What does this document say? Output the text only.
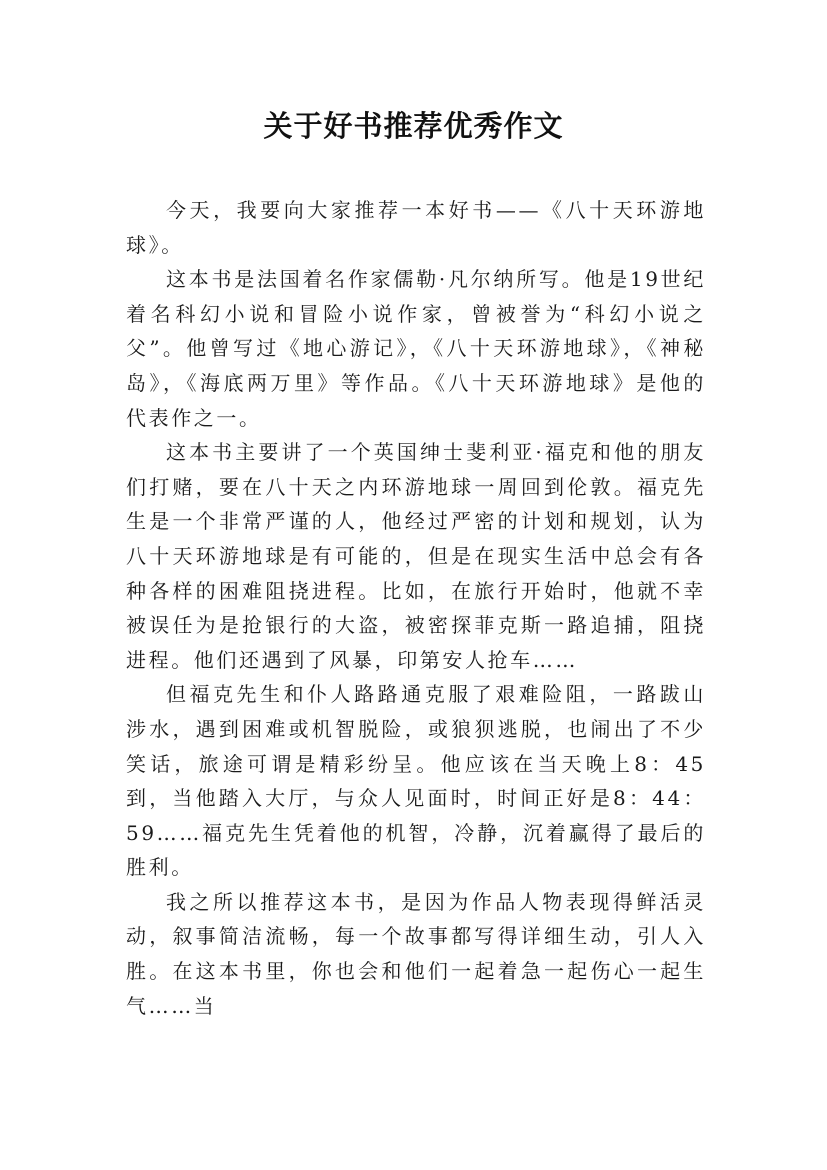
关于好书推荐优秀作文

今天，我要向大家推荐一本好书——《八十天环游地球》。

这本书是法国着名作家儒勒·凡尔纳所写。他是19世纪着名科幻小说和冒险小说作家，曾被誉为“科幻小说之父”。他曾写过《地心游记》，《八十天环游地球》，《神秘岛》，《海底两万里》等作品。《八十天环游地球》是他的代表作之一。

这本书主要讲了一个英国绅士斐利亚·福克和他的朋友们打赌，要在八十天之内环游地球一周回到伦敦。福克先生是一个非常严谨的人，他经过严密的计划和规划，认为八十天环游地球是有可能的，但是在现实生活中总会有各种各样的困难阻挠进程。比如，在旅行开始时，他就不幸被误任为是抢银行的大盗，被密探菲克斯一路追捕，阻挠进程。他们还遇到了风暴，印第安人抢车……

但福克先生和仆人路路通克服了艰难险阻，一路跋山涉水，遇到困难或机智脱险，或狼狈逃脱，也闹出了不少笑话，旅途可谓是精彩纷呈。他应该在当天晚上8：45到，当他踏入大厅，与众人见面时，时间正好是8：44：59……福克先生凭着他的机智，冷静，沉着赢得了最后的胜利。

我之所以推荐这本书，是因为作品人物表现得鲜活灵动，叙事简洁流畅，每一个故事都写得详细生动，引人入胜。在这本书里，你也会和他们一起着急一起伤心一起生气……当
